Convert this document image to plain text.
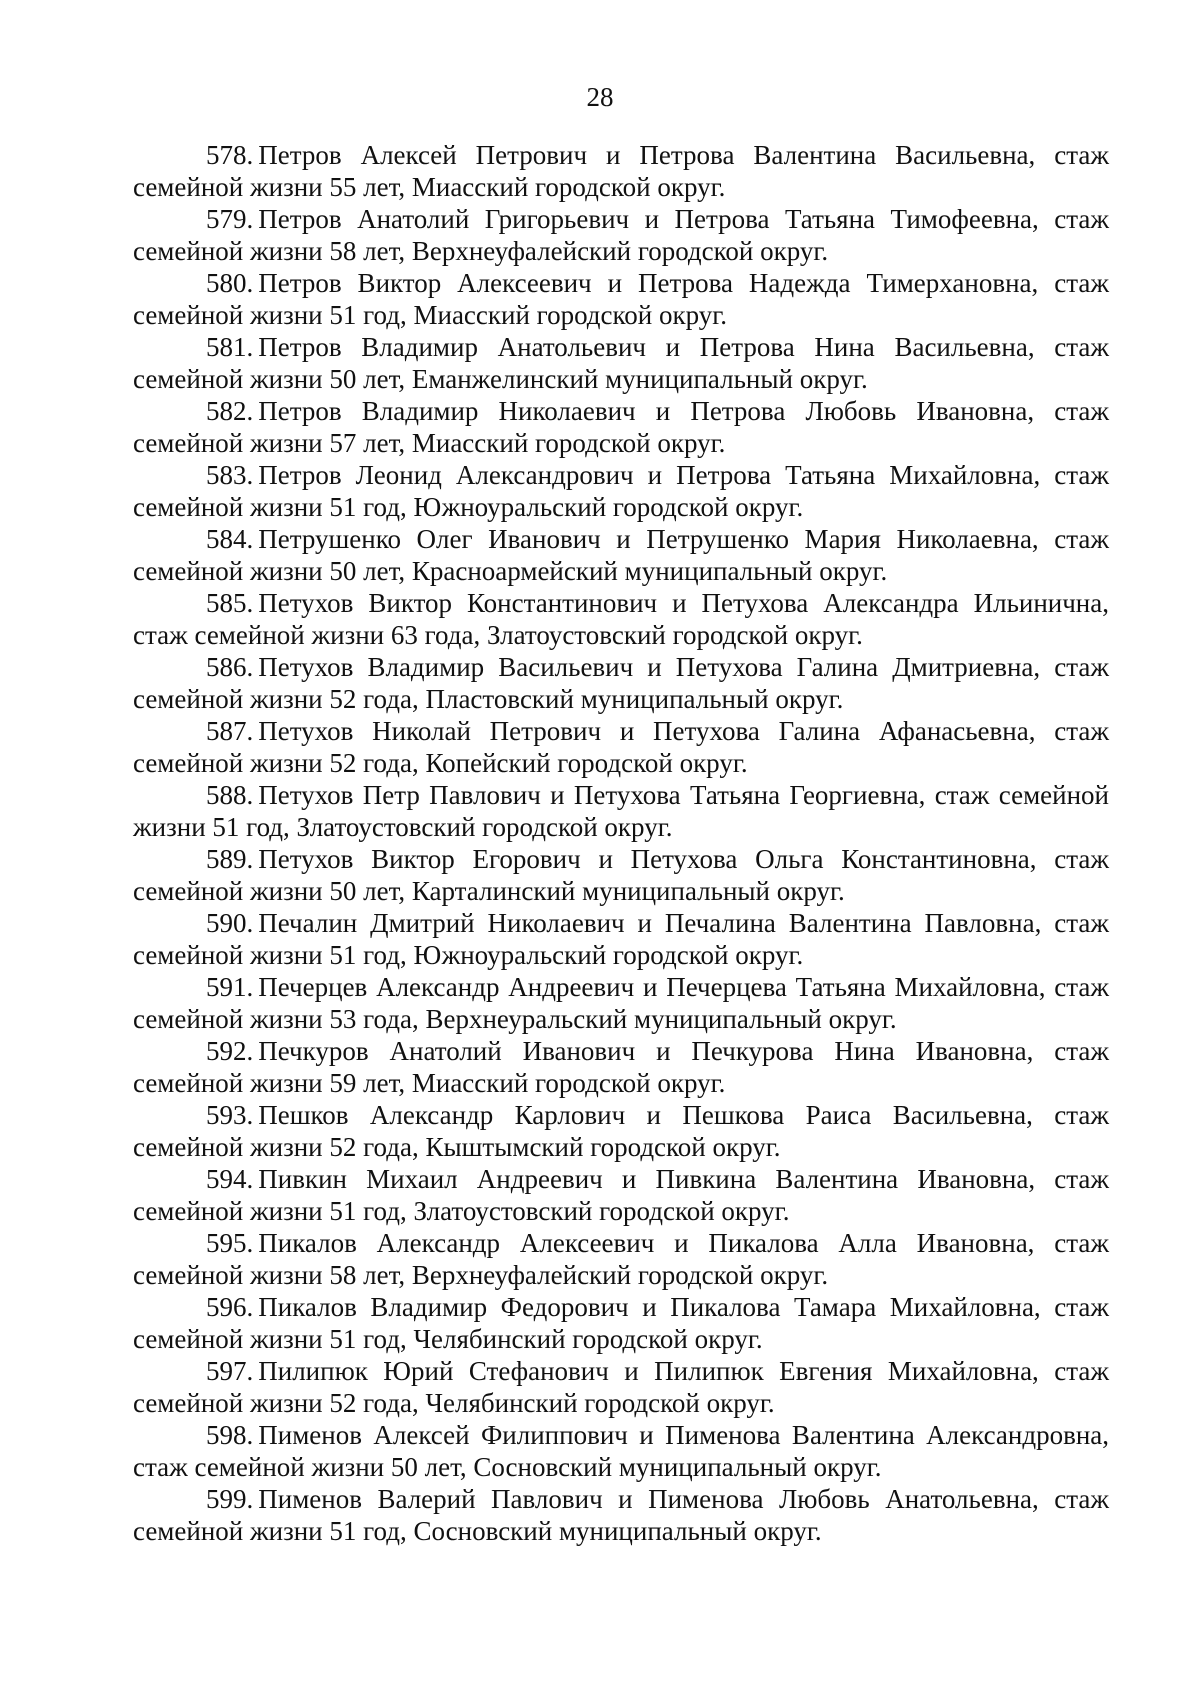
28
578. Петров Алексей Петрович и Петрова Валентина Васильевна, стаж семейной жизни 55 лет, Миасский городской округ.
579. Петров Анатолий Григорьевич и Петрова Татьяна Тимофеевна, стаж семейной жизни 58 лет, Верхнеуфалейский городской округ.
580. Петров Виктор Алексеевич и Петрова Надежда Тимерхановна, стаж семейной жизни 51 год, Миасский городской округ.
581. Петров Владимир Анатольевич и Петрова Нина Васильевна, стаж семейной жизни 50 лет, Еманжелинский муниципальный округ.
582. Петров Владимир Николаевич и Петрова Любовь Ивановна, стаж семейной жизни 57 лет, Миасский городской округ.
583. Петров Леонид Александрович и Петрова Татьяна Михайловна, стаж семейной жизни 51 год, Южноуральский городской округ.
584. Петрушенко Олег Иванович и Петрушенко Мария Николаевна, стаж семейной жизни 50 лет, Красноармейский муниципальный округ.
585. Петухов Виктор Константинович и Петухова Александра Ильинична, стаж семейной жизни 63 года, Златоустовский городской округ.
586. Петухов Владимир Васильевич и Петухова Галина Дмитриевна, стаж семейной жизни 52 года, Пластовский муниципальный округ.
587. Петухов Николай Петрович и Петухова Галина Афанасьевна, стаж семейной жизни 52 года, Копейский городской округ.
588. Петухов Петр Павлович и Петухова Татьяна Георгиевна, стаж семейной жизни 51 год, Златоустовский городской округ.
589. Петухов Виктор Егорович и Петухова Ольга Константиновна, стаж семейной жизни 50 лет, Карталинский муниципальный округ.
590. Печалин Дмитрий Николаевич и Печалина Валентина Павловна, стаж семейной жизни 51 год, Южноуральский городской округ.
591. Печерцев Александр Андреевич и Печерцева Татьяна Михайловна, стаж семейной жизни 53 года, Верхнеуральский муниципальный округ.
592. Печкуров Анатолий Иванович и Печкурова Нина Ивановна, стаж семейной жизни 59 лет, Миасский городской округ.
593. Пешков Александр Карлович и Пешкова Раиса Васильевна, стаж семейной жизни 52 года, Кыштымский городской округ.
594. Пивкин Михаил Андреевич и Пивкина Валентина Ивановна, стаж семейной жизни 51 год, Златоустовский городской округ.
595. Пикалов Александр Алексеевич и Пикалова Алла Ивановна, стаж семейной жизни 58 лет, Верхнеуфалейский городской округ.
596. Пикалов Владимир Федорович и Пикалова Тамара Михайловна, стаж семейной жизни 51 год, Челябинский городской округ.
597. Пилипюк Юрий Стефанович и Пилипюк Евгения Михайловна, стаж семейной жизни 52 года, Челябинский городской округ.
598. Пименов Алексей Филиппович и Пименова Валентина Александровна, стаж семейной жизни 50 лет, Сосновский муниципальный округ.
599. Пименов Валерий Павлович и Пименова Любовь Анатольевна, стаж семейной жизни 51 год, Сосновский муниципальный округ.
